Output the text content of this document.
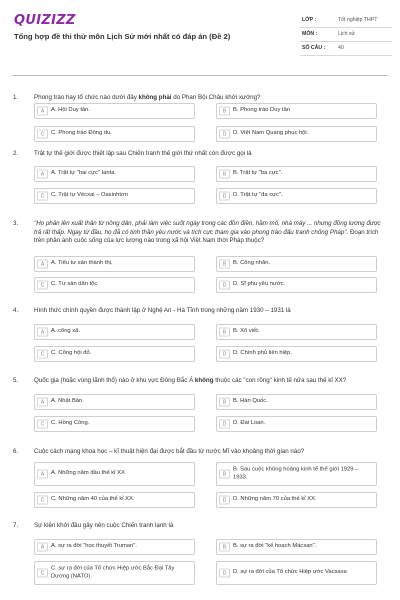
QUIZIZZ
Tổng hợp đề thi thử môn Lịch Sử mới nhất có đáp án (Đề 2)
LỚP :	Tốt nghiệp THPT
MÔN :	Lịch sử
SỐ CÂU :	40
1.	Phong trào hay tổ chức nào dưới đây không phải do Phan Bội Châu khởi xướng?
A	A. Hội Duy tân.	B	B. Phong trào Duy tân
C	C. Phong trào Đông du.	D	D. Việt Nam Quang phục hội.
2.	Trật tự thế giới được thiết lập sau Chiến tranh thế giới thứ nhất còn được gọi là
A	A. Trật tự "hai cực" Ianta.	B	B. Trật tự "ba cực".
C	C. Trật tự Vécxai – Oasinhtơn	D	D. Trật tự "đa cực".
3.	"Họ phản lên xuất thân từ nông dân, phải làm việc suốt ngày trong các đồn điền, hầm mỏ, nhà máy ... nhưng đồng lương được trả rất thấp. Ngay từ đầu, họ đã có tinh thần yêu nước và tích cực tham gia vào phong trào đấu tranh chống Pháp". Đoạn trích trên phản ánh cuộc sống của lực lượng nào trong xã hội Việt Nam thời Pháp thuộc?
A	A. Tiểu tư sản thành thị.	B	B. Công nhân.
C	C. Tư sản dân tộc	D	D. Sĩ phu yêu nước.
4.	Hình thức chính quyền được thành lập ở Nghệ An - Hà Tĩnh trong những năm 1930 – 1931 là
A	A. công xã.	B	B. Xô viết.
C	C. Công hội đỏ.	D	D. Chính phủ liên hiệp.
5.	Quốc gia (hoặc vùng lãnh thổ) nào ở khu vực Đông Bắc Á không thuộc các "con rồng" kinh tế nửa sau thế kỉ XX?
A	A. Nhật Bản.	B	B. Hàn Quốc.
C	C. Hồng Công.	D	D. Đài Loan.
6.	Cuộc cách mạng khoa học – kĩ thuật hiện đại được bắt đầu từ nước Mĩ vào khoảng thời gian nào?
A	A. Những năm đầu thế kỉ XX	B
B. Sau cuộc khủng hoảng kinh tế thế giới 1929 – 1933.
C	C. Những năm 40 của thế kỉ XX.	D	D. Những năm 70 của thế kỉ XX.
7.	Sự kiện khởi đầu gây nên cuộc Chiến tranh lạnh là
A	A. sự ra đời "học thuyết Truman".	B	B. sự ra đời "kế hoạch Mácsan".
C
C. sự ra đời của Tổ chức Hiệp ước Bắc Đại Tây Dương (NATO).	D	D. sự ra đời của Tổ chức Hiệp ước Vacsava
